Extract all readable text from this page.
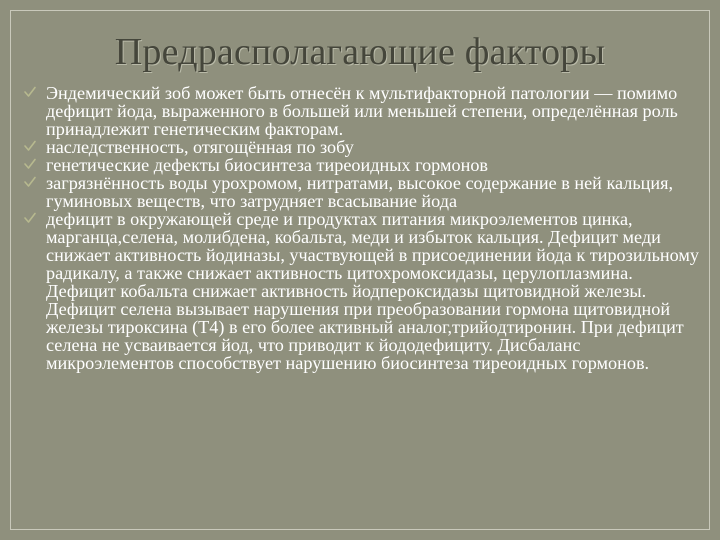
Предрасполагающие факторы
Эндемический зоб может быть отнесён к мультифакторной патологии — помимо дефицит йода, выраженного в большей или меньшей степени, определённая роль принадлежит генетическим факторам.
наследственность, отягощённая по зобу
генетические дефекты биосинтеза тиреоидных гормонов
загрязнённость воды урохромом, нитратами, высокое содержание в ней кальция, гуминовых веществ, что затрудняет всасывание йода
дефицит в окружающей среде и продуктах питания микроэлементов цинка, марганца,селена, молибдена, кобальта, меди и избыток кальция. Дефицит меди снижает активность йодиназы, участвующей в присоединении йода к тирозильному радикалу, а также снижает активность цитохромоксидазы, церулоплазмина. Дефицит кобальта снижает активность йодпероксидазы щитовидной железы. Дефицит селена вызывает нарушения при преобразовании гормона щитовидной железы тироксина (Т4) в его более активный аналог,трийодтиронин. При дефицит селена не усваивается йод, что приводит к йододефициту. Дисбаланс микроэлементов способствует нарушению биосинтеза тиреоидных гормонов.
